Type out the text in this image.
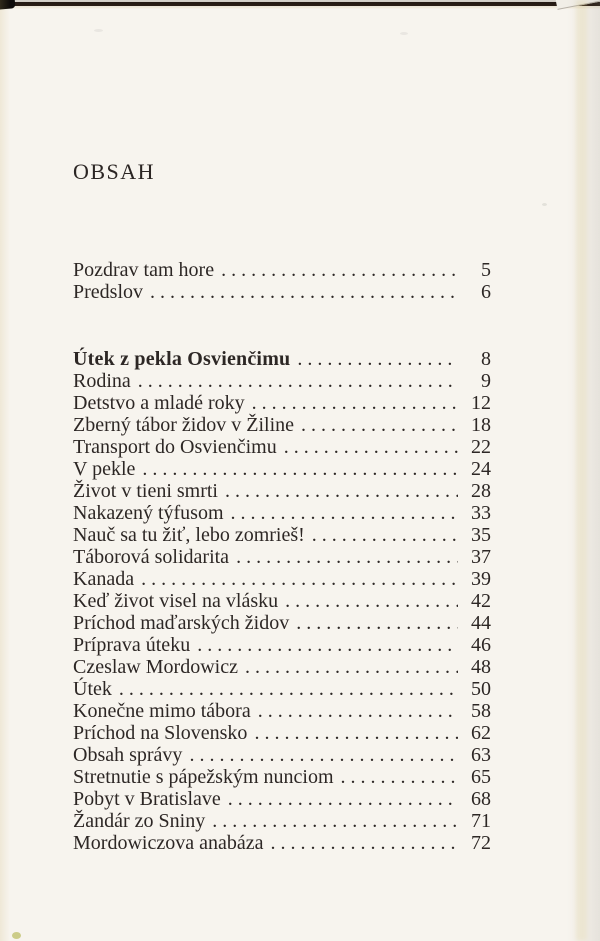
OBSAH
Pozdrav tam hore . . .	5
Predslov . . .	6
Útek z pekla Osvienčimu . . .	8
Rodina . . .	9
Detstvo a mladé roky . . .	12
Zberný tábor židov v Žiline . . .	18
Transport do Osvienčimu . . .	22
V pekle . . .	24
Život v tieni smrti . . .	28
Nakazený týfusom . . .	33
Nauč sa tu žiť, lebo zomrieš! . . .	35
Táborová solidarita . . .	37
Kanada . . .	39
Keď život visel na vlásku . . .	42
Príchod maďarských židov . . .	44
Príprava úteku . . .	46
Czeslaw Mordowicz . . .	48
Útek . . .	50
Konečne mimo tábora . . .	58
Príchod na Slovensko . . .	62
Obsah správy . . .	63
Stretnutie s pápežským nunciom . . .	65
Pobyt v Bratislave . . .	68
Žandár zo Sniny . . .	71
Mordowiczova anabáza . . .	72
